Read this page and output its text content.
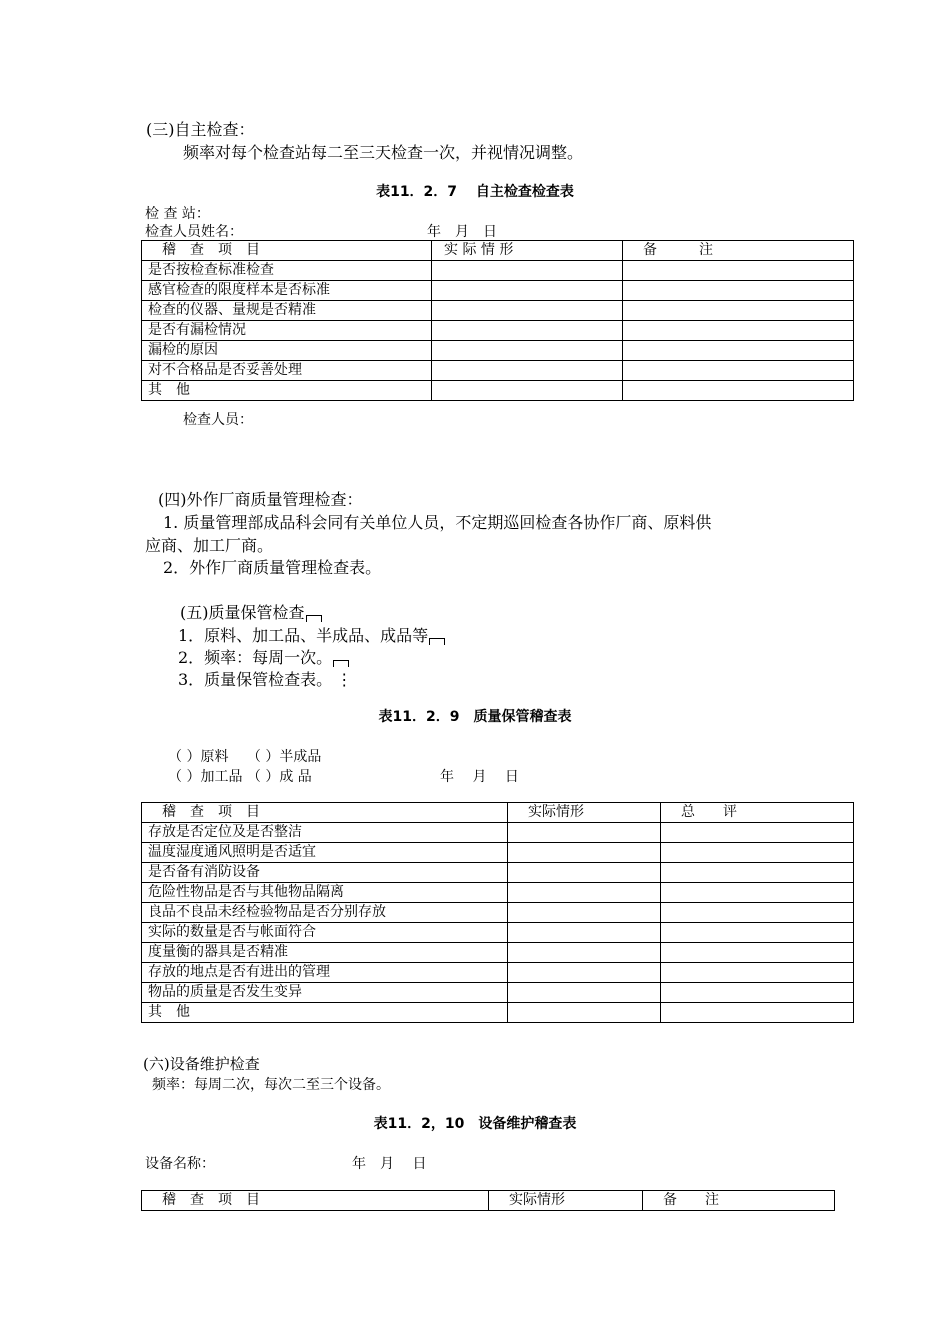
(三)自主检查：
频率对每个检查站每二至三天检查一次，并视情况调整。
表11．2．7　 自主检查检查表
检 查 站：
检查人员姓名：	年　月　日
稽　查　项　目	实 际 情 形	备　　　注
是否按检查标准检查		
感官检查的限度样本是否标准		
检查的仪器、量规是否精准		
是否有漏检情况		
漏检的原因		
对不合格品是否妥善处理		
其　他		
检查人员：
(四)外作厂商质量管理检查：
1. 质量管理部成品科会同有关单位人员，不定期巡回检查各协作厂商、原料供
应商、加工厂商。
2．外作厂商质量管理检查表。
(五)质量保管检查
1．原料、加工品、半成品、成品等
2．频率：每周一次。
3．质量保管检查表。 ⋮
表11．2．9　质量保管稽查表
（ ）原料　 （ ）半成品
（ ）加工品 （ ）成 品	年　 月　 日
稽　查　项　目	实际情形	总　　评
存放是否定位及是否整洁		
温度湿度通风照明是否适宜		
是否备有消防设备		
危险性物品是否与其他物品隔离		
良品不良品未经检验物品是否分别存放		
实际的数量是否与帐面符合		
度量衡的器具是否精准		
存放的地点是否有进出的管理		
物品的质量是否发生变异		
其　他		
(六)设备维护检查
频率：每周二次，每次二至三个设备。
表11．2，10　设备维护稽查表
设备名称：	年　月　 日
稽　查　项　目	实际情形	备　　注
